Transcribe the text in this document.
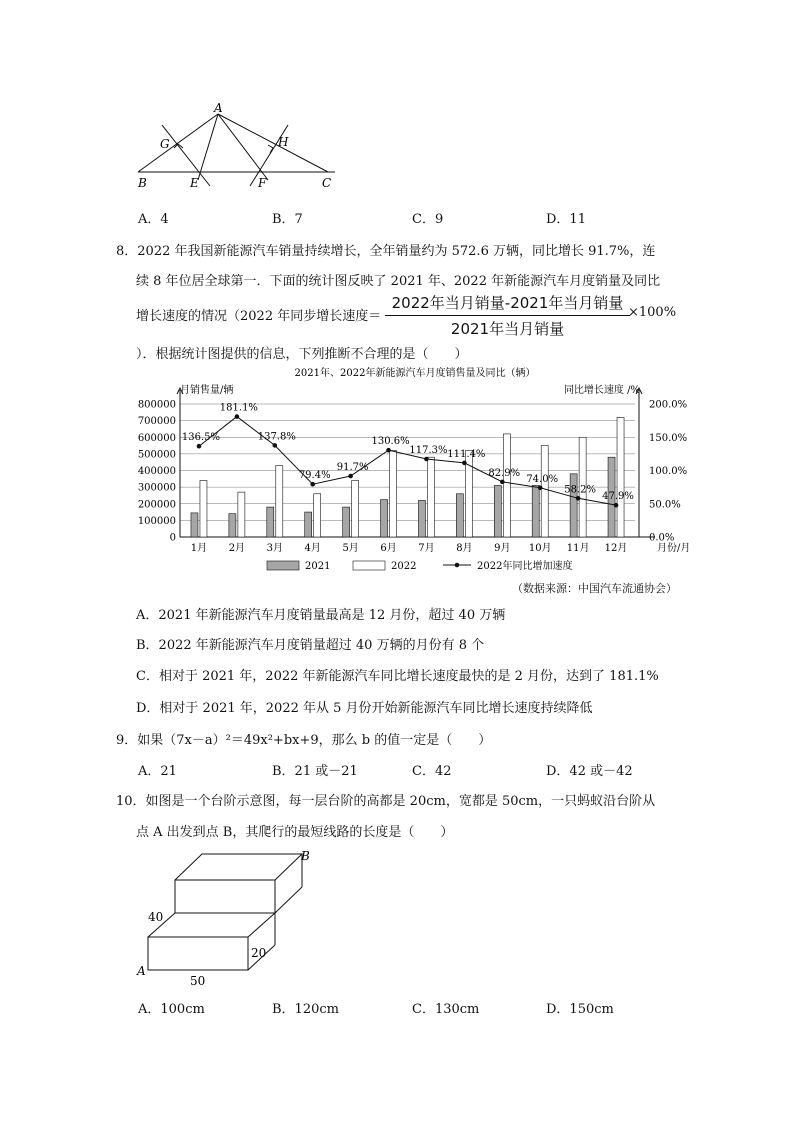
A
G	H
B	E	F	C
A．4	B．7	C．9	D．11
8．2022 年我国新能源汽车销量持续增长，全年销量约为 572.6 万辆，同比增长 91.7%，连
续 8 年位居全球第一．下面的统计图反映了 2021 年、2022 年新能源汽车月度销量及同比
增长速度的情况（2022 年同步增长速度＝
2022年当月销量-2021年当月销量
2021年当月销量
×100%
）．根据统计图提供的信息，下列推断不合理的是（　　）
2021年、2022年新能源汽车月度销售量及同比（辆）
月销售量/辆	同比增长速度 /%
800000
700000
600000
500000
400000
300000
200000
100000
0
200.0%
150.0%
100.0%
50.0%
0.0%
1月 2月 3月 4月 5月 6月 7月 8月 9月 10月 11月 12月	月份/月
136.5%
181.1%
137.8%
79.4%
91.7%
130.6%
117.3% 111.4%
82.9%
74.0%
58.2%
47.9%
2021	2022	2022年同比增加速度
（数据来源：中国汽车流通协会）
A．2021 年新能源汽车月度销量最高是 12 月份，超过 40 万辆
B．2022 年新能源汽车月度销量超过 40 万辆的月份有 8 个
C．相对于 2021 年，2022 年新能源汽车同比增长速度最快的是 2 月份，达到了 181.1%
D．相对于 2021 年，2022 年从 5 月份开始新能源汽车同比增长速度持续降低
9．如果（7x－a）²＝49x²+bx+9，那么 b 的值一定是（　　）
A．21	B．21 或－21	C．42	D．42 或－42
10．如图是一个台阶示意图，每一层台阶的高都是 20cm，宽都是 50cm，一只蚂蚁沿台阶从
点 A 出发到点 B，其爬行的最短线路的长度是（　　）
B
A
40
20
50
A．100cm	B．120cm	C．130cm	D．150cm
